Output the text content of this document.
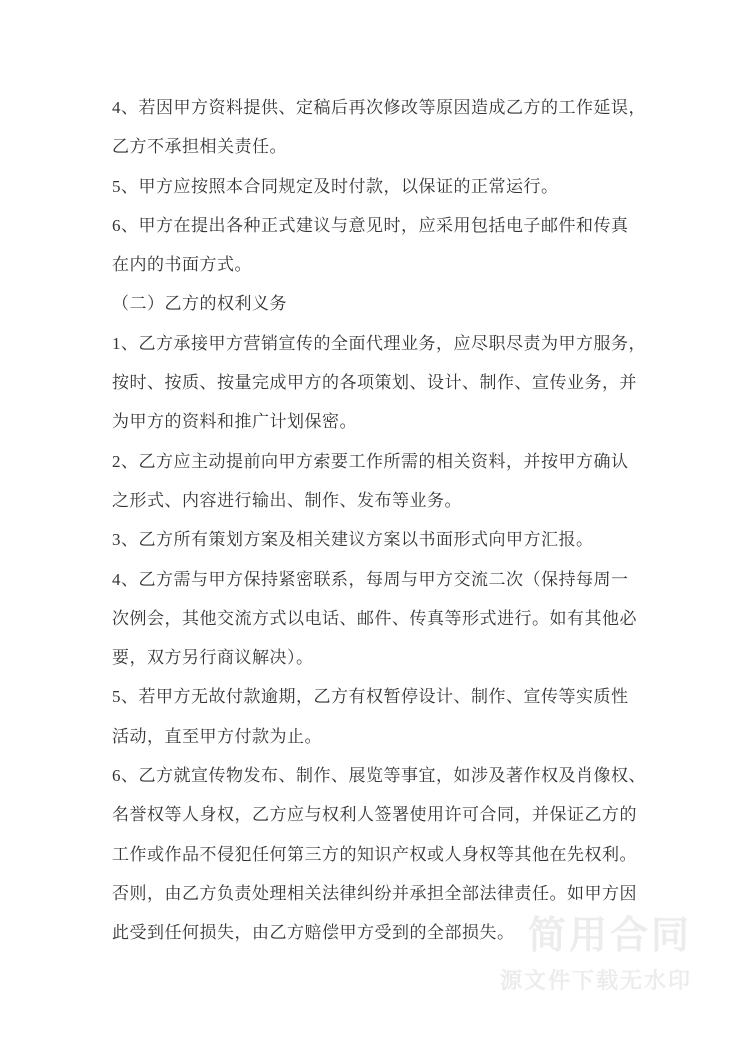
4、若因甲方资料提供、定稿后再次修改等原因造成乙方的工作延误，
乙方不承担相关责任。
5、甲方应按照本合同规定及时付款，以保证的正常运行。
6、甲方在提出各种正式建议与意见时，应采用包括电子邮件和传真
在内的书面方式。
（二）乙方的权利义务
1、乙方承接甲方营销宣传的全面代理业务，应尽职尽责为甲方服务，
按时、按质、按量完成甲方的各项策划、设计、制作、宣传业务，并
为甲方的资料和推广计划保密。
2、乙方应主动提前向甲方索要工作所需的相关资料，并按甲方确认
之形式、内容进行输出、制作、发布等业务。
3、乙方所有策划方案及相关建议方案以书面形式向甲方汇报。
4、乙方需与甲方保持紧密联系，每周与甲方交流二次（保持每周一
次例会，其他交流方式以电话、邮件、传真等形式进行。如有其他必
要，双方另行商议解决）。
5、若甲方无故付款逾期，乙方有权暂停设计、制作、宣传等实质性
活动，直至甲方付款为止。
6、乙方就宣传物发布、制作、展览等事宜，如涉及著作权及肖像权、
名誉权等人身权，乙方应与权利人签署使用许可合同，并保证乙方的
工作或作品不侵犯任何第三方的知识产权或人身权等其他在先权利。
否则，由乙方负责处理相关法律纠纷并承担全部法律责任。如甲方因
此受到任何损失，由乙方赔偿甲方受到的全部损失。 简用合同
源文件下载无水印
